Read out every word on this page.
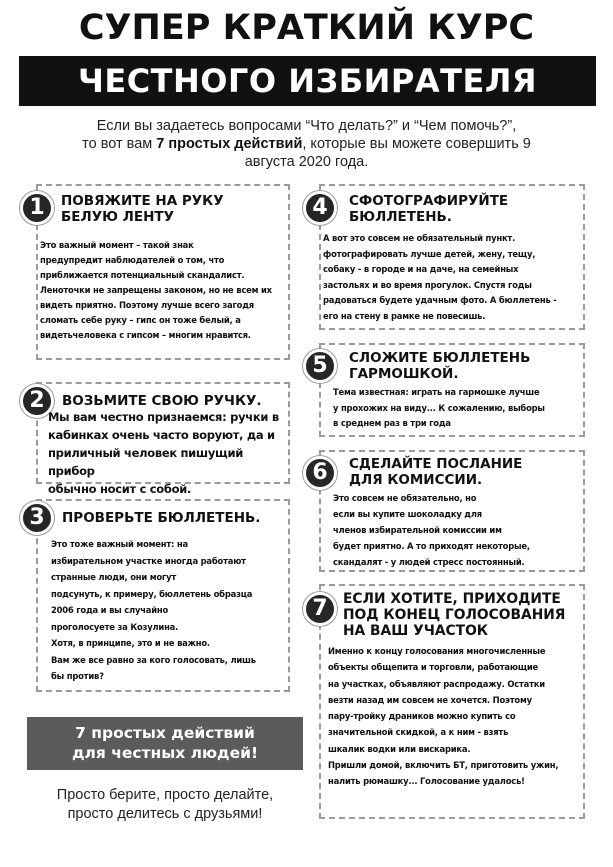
СУПЕР КРАТКИЙ КУРС
ЧЕСТНОГО ИЗБИРАТЕЛЯ
Если вы задаетесь вопросами “Что делать?” и “Чем помочь?”,
то вот вам 7 простых действий, которые вы можете совершить 9
августа 2020 года.
1	ПОВЯЖИТЕ НА РУКУ
БЕЛУЮ ЛЕНТУ
Это важный момент – такой знак
предупредит наблюдателей о том, что
приближается потенциальный скандалист.
Леноточки не запрещены законом, но не всем их
видеть приятно. Поэтому лучше всего загодя
сломать себе руку – гипс он тоже белый, а
видетьчеловека с гипсом – многим нравится.
2	ВОЗЬМИТЕ СВОЮ РУЧКУ.
Мы вам честно признаемся: ручки в
кабинках очень часто воруют, да и
приличный человек пишущий прибор
обычно носит с собой.
3	ПРОВЕРЬТЕ БЮЛЛЕТЕНЬ.
Это тоже важный момент: на
избирательном участке иногда работают
странные люди, они могут
подсунуть, к примеру, бюллетень образца
2006 года и вы случайно
проголосуете за Козулина.
Хотя, в принципе, это и не важно.
Вам же все равно за кого голосовать, лишь
бы против?
4	СФОТОГРАФИРУЙТЕ
БЮЛЛЕТЕНЬ.
А вот это совсем не обязательный пункт.
фотографировать лучше детей, жену, тещу,
собаку - в городе и на даче, на семейных
застольях и во время прогулок. Спустя годы
радоваться будете удачным фото. А бюллетень -
его на стену в рамке не повесишь.
5	СЛОЖИТЕ БЮЛЛЕТЕНЬ
ГАРМОШКОЙ.
Тема известная: играть на гармошке лучше
у прохожих на виду... К сожалению, выборы
в среднем раз в три года
6	СДЕЛАЙТЕ ПОСЛАНИЕ
ДЛЯ КОМИССИИ.
Это совсем не обязательно, но
если вы купите шоколадку для
членов избирательной комиссии им
будет приятно. А то приходят некоторые,
скандалят - у людей стресс постоянный.
7	ЕСЛИ ХОТИТЕ, ПРИХОДИТЕ
ПОД КОНЕЦ ГОЛОСОВАНИЯ
НА ВАШ УЧАСТОК
Именно к концу голосования многочисленные
объекты общепита и торговли, работающие
на участках, объявляют распродажу. Остатки
везти назад им совсем не хочется. Поэтому
пару-тройку драников можно купить со
значительной скидкой, а к ним - взять
шкалик водки или вискарика.
Пришли домой, включить БТ, приготовить ужин,
налить рюмашку... Голосование удалось!
7 простых действий
для честных людей!
Просто берите, просто делайте,
просто делитесь с друзьями!
